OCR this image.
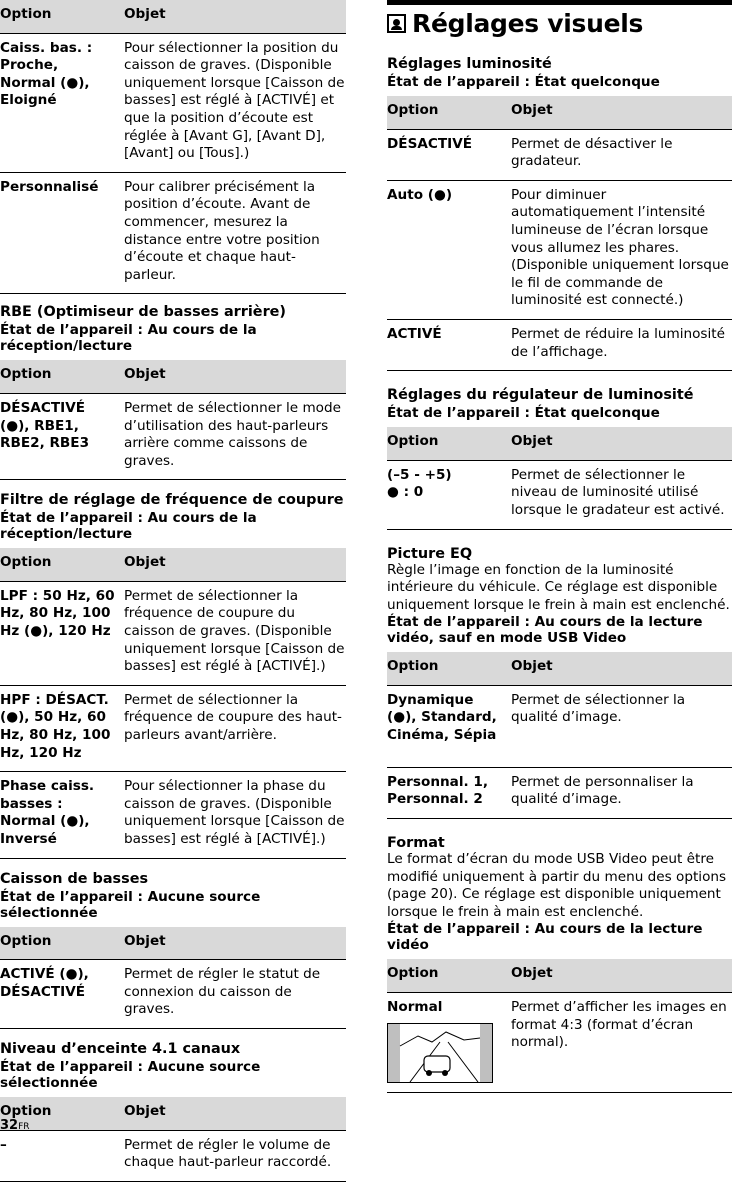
Option	Objet
Caiss. bas. : Proche, Normal (●), Eloigné	Pour sélectionner la position du caisson de graves. (Disponible uniquement lorsque [Caisson de basses] est réglé à [ACTIVÉ] et que la position d’écoute est réglée à [Avant G], [Avant D], [Avant] ou [Tous].)
Personnalisé	Pour calibrer précisément la position d’écoute. Avant de commencer, mesurez la distance entre votre position d’écoute et chaque haut-parleur.

RBE (Optimiseur de basses arrière)

État de l’appareil : Au cours de la réception/lecture

Option	Objet
DÉSACTIVÉ (●), RBE1, RBE2, RBE3	Permet de sélectionner le mode d’utilisation des haut-parleurs arrière comme caissons de graves.

Filtre de réglage de fréquence de coupure

État de l’appareil : Au cours de la réception/lecture

Option	Objet
LPF : 50 Hz, 60 Hz, 80 Hz, 100 Hz (●), 120 Hz	Permet de sélectionner la fréquence de coupure du caisson de graves. (Disponible uniquement lorsque [Caisson de basses] est réglé à [ACTIVÉ].)
HPF : DÉSACT. (●), 50 Hz, 60 Hz, 80 Hz, 100 Hz, 120 Hz	Permet de sélectionner la fréquence de coupure des haut-parleurs avant/arrière.
Phase caiss. basses : Normal (●), Inversé	Pour sélectionner la phase du caisson de graves. (Disponible uniquement lorsque [Caisson de basses] est réglé à [ACTIVÉ].)

Caisson de basses

État de l’appareil : Aucune source sélectionnée

Option	Objet
ACTIVÉ (●), DÉSACTIVÉ	Permet de régler le statut de connexion du caisson de graves.

Niveau d’enceinte 4.1 canaux

État de l’appareil : Aucune source sélectionnée

Option	Objet
–	Permet de régler le volume de chaque haut-parleur raccordé.
Réglages visuels

Réglages luminosité

État de l’appareil : État quelconque

Option	Objet
DÉSACTIVÉ	Permet de désactiver le gradateur.
Auto (●)	Pour diminuer automatiquement l’intensité lumineuse de l’écran lorsque vous allumez les phares. (Disponible uniquement lorsque le fil de commande de luminosité est connecté.)
ACTIVÉ	Permet de réduire la luminosité de l’affichage.

Réglages du régulateur de luminosité

État de l’appareil : État quelconque

Option	Objet
(–5 - +5)
● : 0	Permet de sélectionner le niveau de luminosité utilisé lorsque le gradateur est activé.

Picture EQ

Règle l’image en fonction de la luminosité intérieure du véhicule. Ce réglage est disponible uniquement lorsque le frein à main est enclenché.

État de l’appareil : Au cours de la lecture vidéo, sauf en mode USB Video

Option	Objet
Dynamique (●), Standard, Cinéma, Sépia	Permet de sélectionner la qualité d’image.
Personnal. 1, Personnal. 2	Permet de personnaliser la qualité d’image.

Format

Le format d’écran du mode USB Video peut être modifié uniquement à partir du menu des options (page 20). Ce réglage est disponible uniquement lorsque le frein à main est enclenché.

État de l’appareil : Au cours de la lecture vidéo

Option	Objet

Normal	Permet d’afficher les images en format 4:3 (format d’écran normal).
32FR
